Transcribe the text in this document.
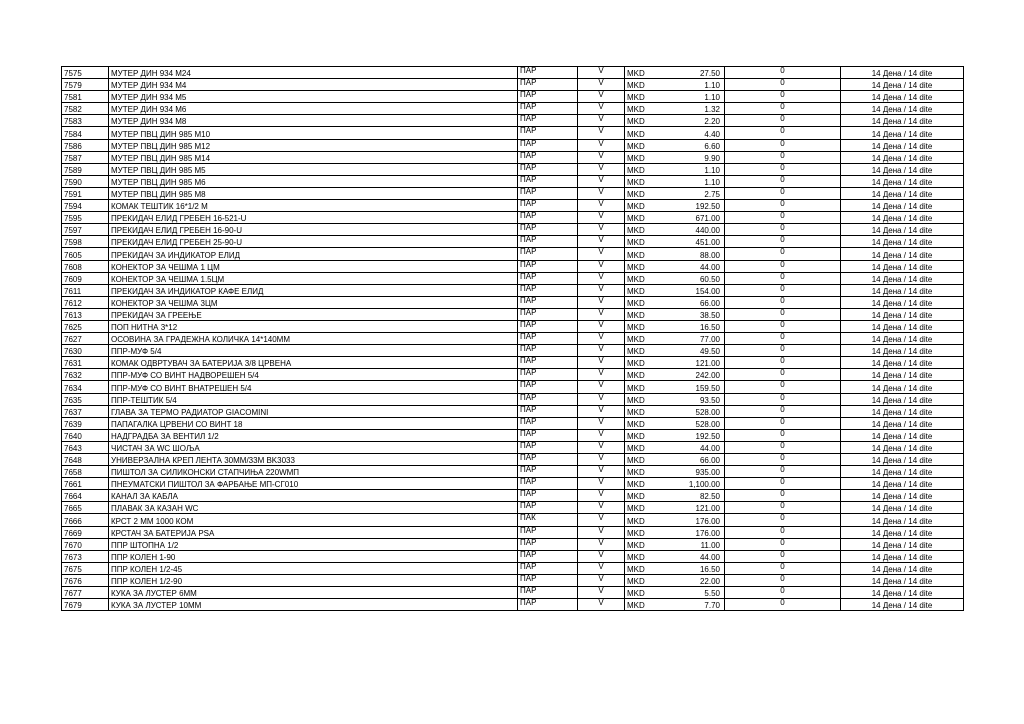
7575	МУТЕР ДИН 934 М24	ПАР	V	MKD	27.50	0	14 Дена / 14 dite
7579	МУТЕР ДИН 934 М4	ПАР	V	MKD	1.10	0	14 Дена / 14 dite
7581	МУТЕР ДИН 934 М5	ПАР	V	MKD	1.10	0	14 Дена / 14 dite
7582	МУТЕР ДИН 934 М6	ПАР	V	MKD	1.32	0	14 Дена / 14 dite
7583	МУТЕР ДИН 934 М8	ПАР	V	MKD	2.20	0	14 Дена / 14 dite
7584	МУТЕР ПВЦ ДИН 985 М10	ПАР	V	MKD	4.40	0	14 Дена / 14 dite
7586	МУТЕР ПВЦ ДИН 985 М12	ПАР	V	MKD	6.60	0	14 Дена / 14 dite
7587	МУТЕР ПВЦ ДИН 985 М14	ПАР	V	MKD	9.90	0	14 Дена / 14 dite
7589	МУТЕР ПВЦ ДИН 985 М5	ПАР	V	MKD	1.10	0	14 Дена / 14 dite
7590	МУТЕР ПВЦ ДИН 985 М6	ПАР	V	MKD	1.10	0	14 Дена / 14 dite
7591	МУТЕР ПВЦ ДИН 985 М8	ПАР	V	MKD	2.75	0	14 Дена / 14 dite
7594	КОМАК ТЕШТИК 16*1/2 М	ПАР	V	MKD	192.50	0	14 Дена / 14 dite
7595	ПРЕКИДАЧ ЕЛИД ГРЕБЕН 16-521-U	ПАР	V	MKD	671.00	0	14 Дена / 14 dite
7597	ПРЕКИДАЧ ЕЛИД ГРЕБЕН 16-90-U	ПАР	V	MKD	440.00	0	14 Дена / 14 dite
7598	ПРЕКИДАЧ ЕЛИД ГРЕБЕН 25-90-U	ПАР	V	MKD	451.00	0	14 Дена / 14 dite
7605	ПРЕКИДАЧ ЗА ИНДИКАТОР ЕЛИД	ПАР	V	MKD	88.00	0	14 Дена / 14 dite
7608	КОНЕКТОР ЗА ЧЕШМА 1 ЦМ	ПАР	V	MKD	44.00	0	14 Дена / 14 dite
7609	КОНЕКТОР ЗА ЧЕШМА 1.5ЦМ	ПАР	V	MKD	60.50	0	14 Дена / 14 dite
7611	ПРЕКИДАЧ ЗА ИНДИКАТОР КАФЕ ЕЛИД	ПАР	V	MKD	154.00	0	14 Дена / 14 dite
7612	КОНЕКТОР ЗА ЧЕШМА 3ЦМ	ПАР	V	MKD	66.00	0	14 Дена / 14 dite
7613	ПРЕКИДАЧ ЗА ГРЕЕЊЕ	ПАР	V	MKD	38.50	0	14 Дена / 14 dite
7625	ПОП НИТНА 3*12	ПАР	V	MKD	16.50	0	14 Дена / 14 dite
7627	ОСОВИНА ЗА ГРАДЕЖНА КОЛИЧКА 14*140ММ	ПАР	V	MKD	77.00	0	14 Дена / 14 dite
7630	ППР-МУФ 5/4	ПАР	V	MKD	49.50	0	14 Дена / 14 dite
7631	КОМАК ОДВРТУВАЧ ЗА БАТЕРИЈА 3/8 ЦРВЕНА	ПАР	V	MKD	121.00	0	14 Дена / 14 dite
7632	ППР-МУФ СО ВИНТ НАДВОРЕШЕН 5/4	ПАР	V	MKD	242.00	0	14 Дена / 14 dite
7634	ППР-МУФ СО ВИНТ ВНАТРЕШЕН 5/4	ПАР	V	MKD	159.50	0	14 Дена / 14 dite
7635	ППР-ТЕШТИК 5/4	ПАР	V	MKD	93.50	0	14 Дена / 14 dite
7637	ГЛАВА ЗА ТЕРМО РАДИАТОР GIACOMINI	ПАР	V	MKD	528.00	0	14 Дена / 14 dite
7639	ПАПАГАЛКА ЦРВЕНИ СО ВИНТ 18	ПАР	V	MKD	528.00	0	14 Дена / 14 dite
7640	НАДГРАДБА ЗА ВЕНТИЛ 1/2	ПАР	V	MKD	192.50	0	14 Дена / 14 dite
7643	ЧИСТАЧ ЗА WC ШОЉА	ПАР	V	MKD	44.00	0	14 Дена / 14 dite
7648	УНИВЕРЗАЛНА КРЕП ЛЕНТА 30ММ/33М BK3033	ПАР	V	MKD	66.00	0	14 Дена / 14 dite
7658	ПИШТОЛ ЗА СИЛИКОНСКИ СТАПЧИЊА 220WМП	ПАР	V	MKD	935.00	0	14 Дена / 14 dite
7661	ПНЕУМАТСКИ ПИШТОЛ ЗА ФАРБАЊЕ МП-СГ010	ПАР	V	MKD	1,100.00	0	14 Дена / 14 dite
7664	КАНАЛ ЗА КАБЛА	ПАР	V	MKD	82.50	0	14 Дена / 14 dite
7665	ПЛАВАК ЗА КАЗАН WC	ПАР	V	MKD	121.00	0	14 Дена / 14 dite
7666	КРСТ 2 ММ 1000 КОМ	ПАК	V	MKD	176.00	0	14 Дена / 14 dite
7669	КРСТАЧ ЗА БАТЕРИЈА PSA	ПАР	V	MKD	176.00	0	14 Дена / 14 dite
7670	ППР ШТОПНА 1/2	ПАР	V	MKD	11.00	0	14 Дена / 14 dite
7673	ППР КОЛЕН 1-90	ПАР	V	MKD	44.00	0	14 Дена / 14 dite
7675	ППР КОЛЕН 1/2-45	ПАР	V	MKD	16.50	0	14 Дена / 14 dite
7676	ППР КОЛЕН 1/2-90	ПАР	V	MKD	22.00	0	14 Дена / 14 dite
7677	КУКА ЗА ЛУСТЕР 6ММ	ПАР	V	MKD	5.50	0	14 Дена / 14 dite
7679	КУКА ЗА ЛУСТЕР 10ММ	ПАР	V	MKD	7.70	0	14 Дена / 14 dite
